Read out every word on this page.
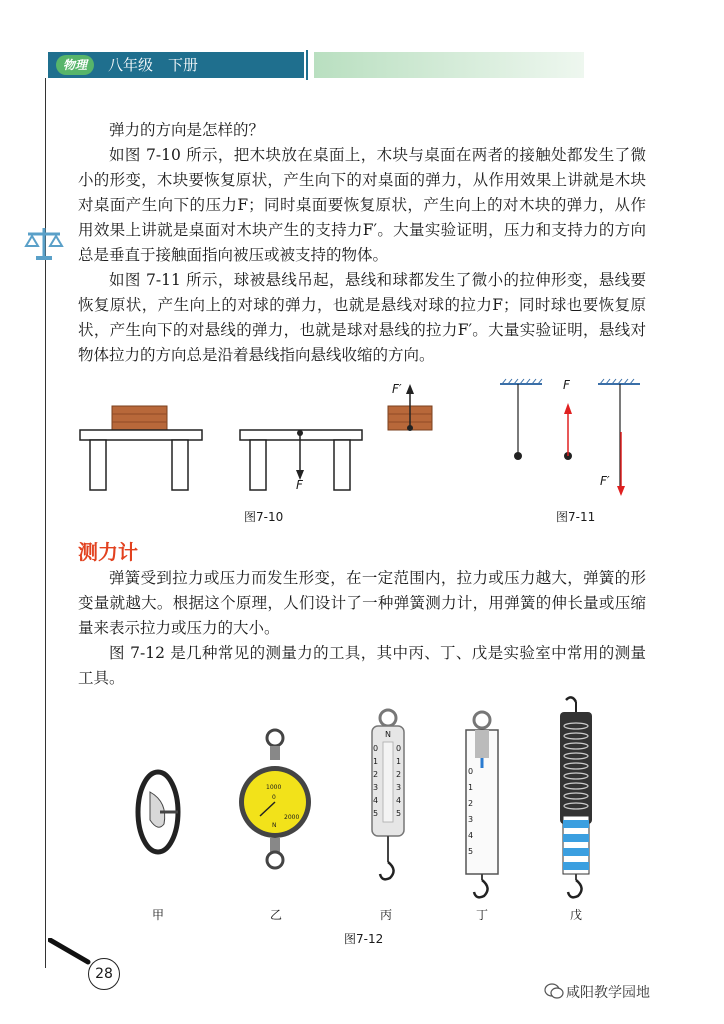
物理	八年级　下册

弹力的方向是怎样的？

如图 7-10 所示，把木块放在桌面上，木块与桌面在两者的接触处都发生了微小的形变，木块要恢复原状，产生向下的对桌面的弹力，从作用效果上讲就是木块对桌面产生向下的压力F；同时桌面要恢复原状，产生向上的对木块的弹力，从作用效果上讲就是桌面对木块产生的支持力F′。大量实验证明，压力和支持力的方向总是垂直于接触面指向被压或被支持的物体。

如图 7-11 所示，球被悬线吊起，悬线和球都发生了微小的拉伸形变，悬线要恢复原状，产生向上的对球的弹力，也就是悬线对球的拉力F；同时球也要恢复原状，产生向下的对悬线的弹力，也就是球对悬线的拉力F′。大量实验证明，悬线对物体拉力的方向总是沿着悬线指向悬线收缩的方向。

F
F′
图7-10
F
F′
图7-11
测力计

弹簧受到拉力或压力而发生形变，在一定范围内，拉力或压力越大，弹簧的形变量就越大。根据这个原理，人们设计了一种弹簧测力计，用弹簧的伸长量或压缩量来表示拉力或压力的大小。

图 7-12 是几种常见的测量力的工具，其中丙、丁、戊是实验室中常用的测量工具。

1000
2000
N
0
N
0
1
2
3
4
5
0
1
2
3
4
5
0
1
2
3
4
5
甲	乙	丙	丁	戊
图7-12
28
咸阳教学园地
